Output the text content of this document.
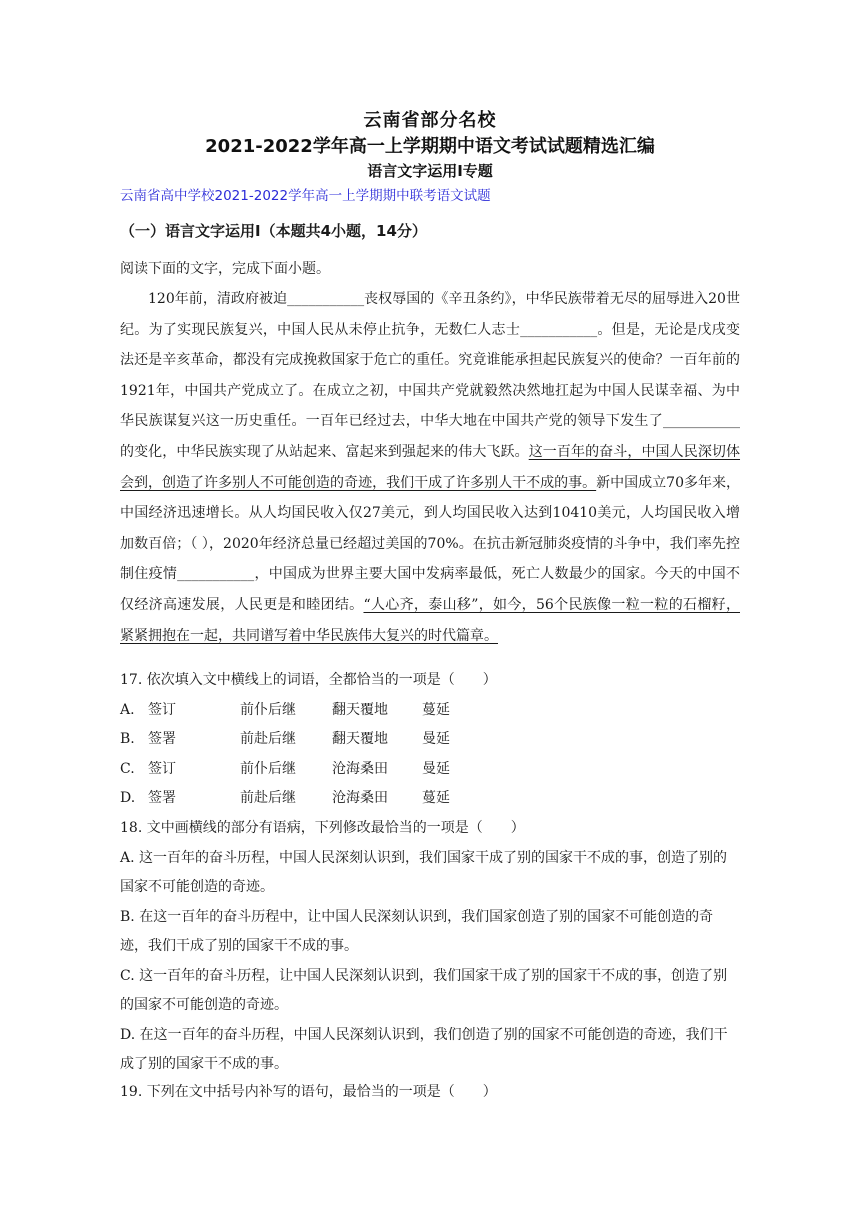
云南省部分名校
2021-2022学年高一上学期期中语文考试试题精选汇编
语言文字运用Ⅰ专题
云南省高中学校2021-2022学年高一上学期期中联考语文试题
（一）语言文字运用Ⅰ（本题共4小题，14分）
阅读下面的文字，完成下面小题。

120年前，清政府被迫___________丧权辱国的《辛丑条约》，中华民族带着无尽的屈辱进入20世纪。为了实现民族复兴，中国人民从未停止抗争，无数仁人志士___________。但是，无论是戊戌变法还是辛亥革命，都没有完成挽救国家于危亡的重任。究竟谁能承担起民族复兴的使命？一百年前的1921年，中国共产党成立了。在成立之初，中国共产党就毅然决然地扛起为中国人民谋幸福、为中华民族谋复兴这一历史重任。一百年已经过去，中华大地在中国共产党的领导下发生了___________的变化，中华民族实现了从站起来、富起来到强起来的伟大飞跃。这一百年的奋斗，中国人民深切体会到，创造了许多别人不可能创造的奇迹，我们干成了许多别人干不成的事。新中国成立70多年来，中国经济迅速增长。从人均国民收入仅27美元，到人均国民收入达到10410美元，人均国民收入增加数百倍；（ ），2020年经济总量已经超过美国的70%。在抗击新冠肺炎疫情的斗争中，我们率先控制住疫情___________，中国成为世界主要大国中发病率最低，死亡人数最少的国家。今天的中国不仅经济高速发展，人民更是和睦团结。“人心齐，泰山移”，如今，56个民族像一粒一粒的石榴籽，紧紧拥抱在一起，共同谱写着中华民族伟大复兴的时代篇章。

17. 依次填入文中横线上的词语，全都恰当的一项是（　　）
A. 签订	前仆后继	翻天覆地	蔓延
B. 签署	前赴后继	翻天覆地	曼延
C. 签订	前仆后继	沧海桑田	曼延
D. 签署	前赴后继	沧海桑田	蔓延
18. 文中画横线的部分有语病，下列修改最恰当的一项是（　　）
A. 这一百年的奋斗历程，中国人民深刻认识到，我们国家干成了别的国家干不成的事，创造了别的国家不可能创造的奇迹。
B. 在这一百年的奋斗历程中，让中国人民深刻认识到，我们国家创造了别的国家不可能创造的奇迹，我们干成了别的国家干不成的事。
C. 这一百年的奋斗历程，让中国人民深刻认识到，我们国家干成了别的国家干不成的事，创造了别的国家不可能创造的奇迹。
D. 在这一百年的奋斗历程，中国人民深刻认识到，我们创造了别的国家不可能创造的奇迹，我们干成了别的国家干不成的事。
19. 下列在文中括号内补写的语句，最恰当的一项是（　　）
